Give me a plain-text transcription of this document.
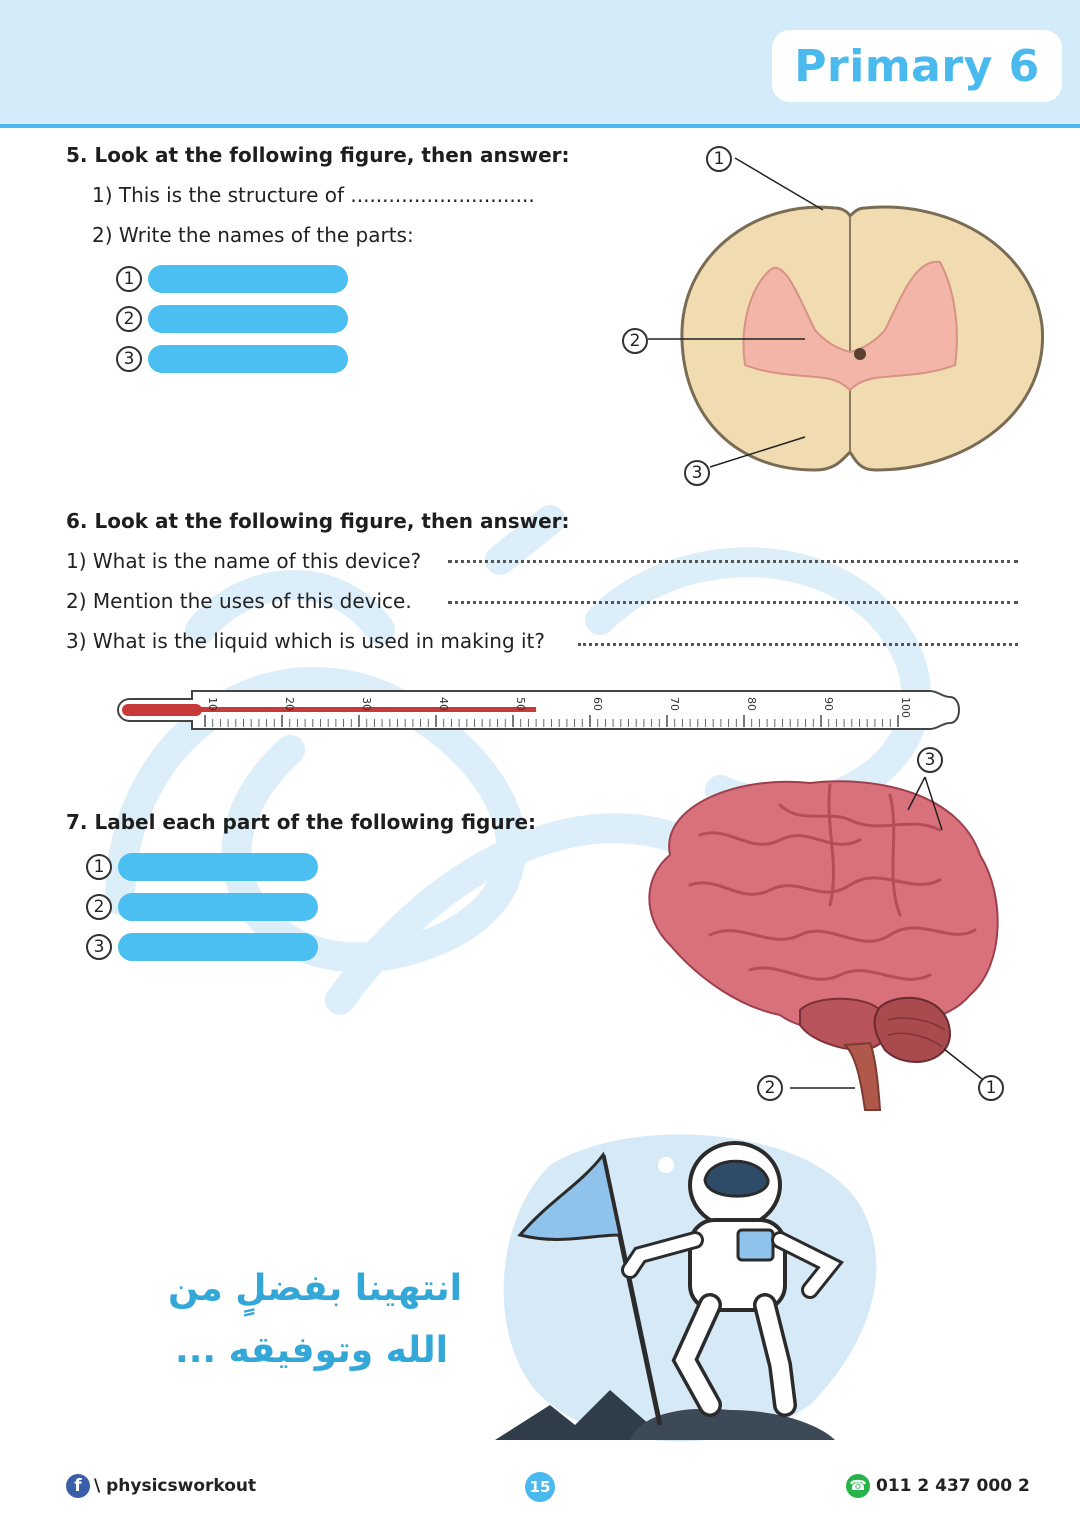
Primary 6
5. Look at the following figure, then answer:
1) This is the structure of .............................
2) Write the names of the parts:
1
2
3
1
2
3
6. Look at the following figure, then answer:
1) What is the name of this device?
2) Mention the uses of this device.
3) What is the liquid which is used in making it?
10	20	30	40	50	60	70	80	90	100
7. Label each part of the following figure:
1
2
3
3
2	1
انتهينا بفضلٍ من
الله وتوفيقه ...
f \ physicsworkout	15	☎ 011 2 437 000 2
